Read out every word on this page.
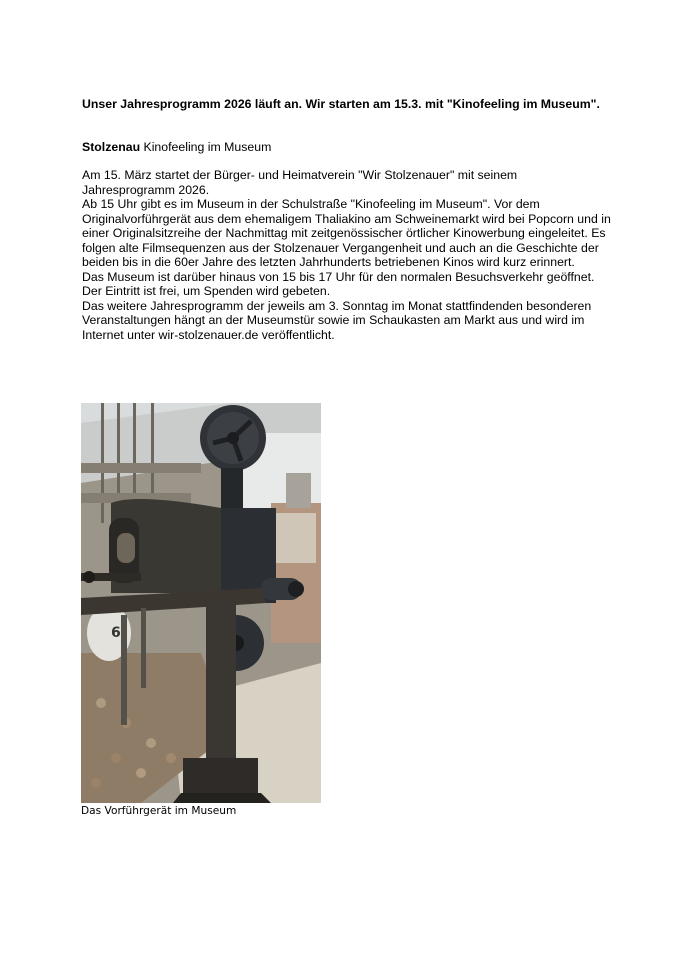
Unser Jahresprogramm 2026 läuft an. Wir starten am 15.3. mit "Kinofeeling im Museum".

Stolzenau Kinofeeling im Museum

Am 15. März startet der Bürger- und Heimatverein "Wir Stolzenauer" mit seinem Jahresprogramm 2026.

Ab 15 Uhr gibt es im Museum in der Schulstraße "Kinofeeling im Museum". Vor dem Originalvorführgerät aus dem ehemaligem Thaliakino am Schweinemarkt wird bei Popcorn und in einer Originalsitzreihe der Nachmittag mit zeitgenössischer örtlicher Kinowerbung eingeleitet. Es folgen alte Filmsequenzen aus der Stolzenauer Vergangenheit und auch an die Geschichte der beiden bis in die 60er Jahre des letzten Jahrhunderts betriebenen Kinos wird kurz erinnert.

Das Museum ist darüber hinaus von 15 bis 17 Uhr für den normalen Besuchsverkehr geöffnet. Der Eintritt ist frei, um Spenden wird gebeten.

Das weitere Jahresprogramm der jeweils am 3. Sonntag im Monat stattfindenden besonderen Veranstaltungen hängt an der Museumstür sowie im Schaukasten am Markt aus und wird im Internet unter wir-stolzenauer.de veröffentlicht.

6
Das Vorführgerät im Museum
